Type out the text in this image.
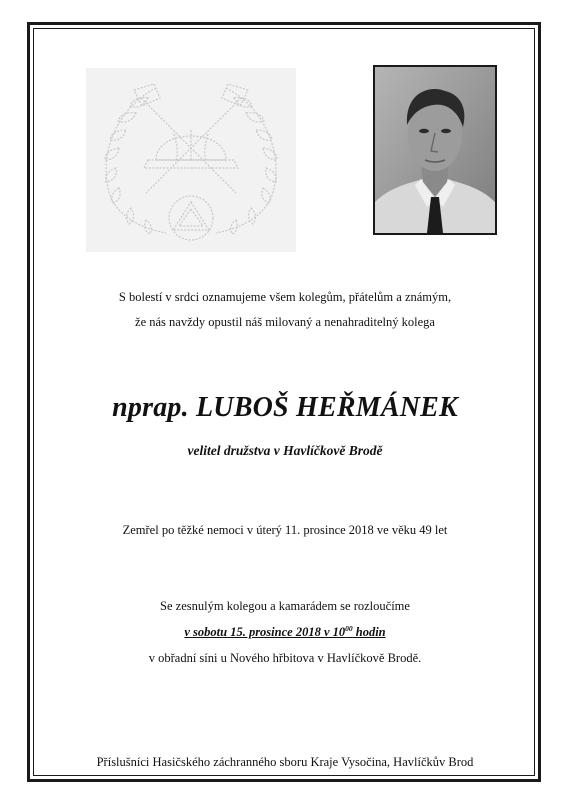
S bolestí v srdci oznamujeme všem kolegům, přátelům a známým,
že nás navždy opustil náš milovaný a nenahraditelný kolega
nprap. LUBOŠ HEŘMÁNEK
velitel družstva v Havlíčkově Brodě
Zemřel po těžké nemoci v úterý 11. prosince 2018 ve věku 49 let
Se zesnulým kolegou a kamarádem se rozloučíme
v sobotu 15. prosince 2018 v $10^{00}$ hodin
v obřadní síni u Nového hřbitova v Havlíčkově Brodě.
Příslušníci Hasičského záchranného sboru Kraje Vysočina, Havlíčkův Brod
